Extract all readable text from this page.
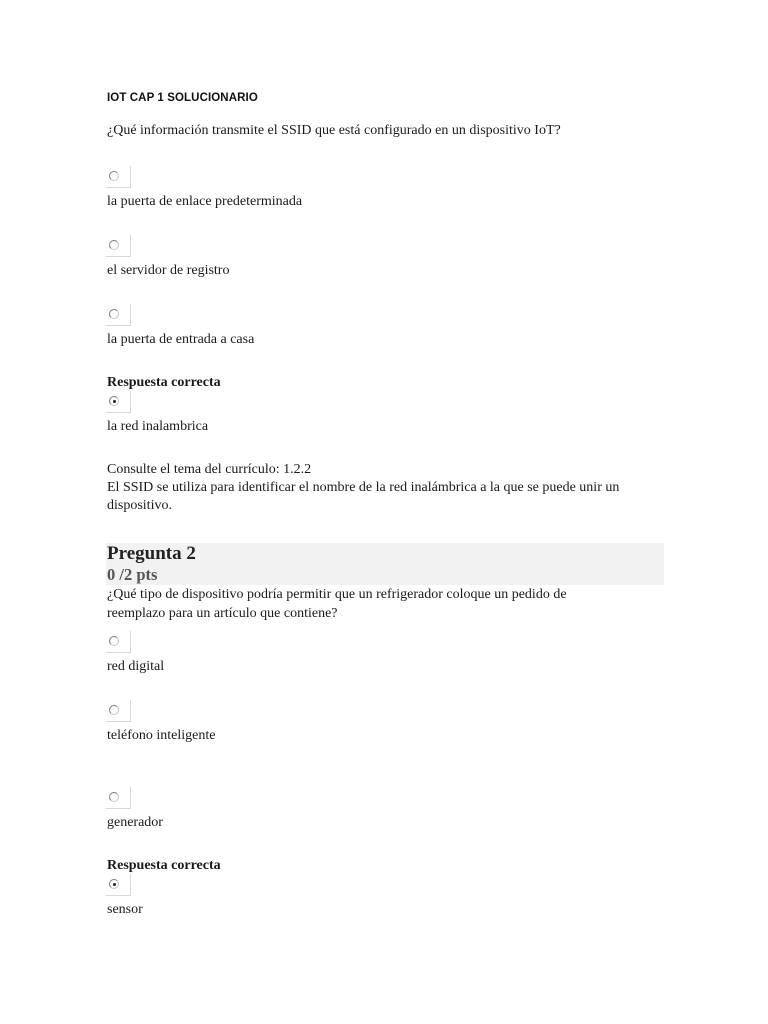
IOT CAP 1 SOLUCIONARIO
¿Qué información transmite el SSID que está configurado en un dispositivo IoT?
la puerta de enlace predeterminada
el servidor de registro
la puerta de entrada a casa
Respuesta correcta
la red inalambrica
Consulte el tema del currículo: 1.2.2
El SSID se utiliza para identificar el nombre de la red inalámbrica a la que se puede unir un dispositivo.
Pregunta 2
0 /2 pts
¿Qué tipo de dispositivo podría permitir que un refrigerador coloque un pedido de reemplazo para un artículo que contiene?
red digital
teléfono inteligente
generador
Respuesta correcta
sensor
